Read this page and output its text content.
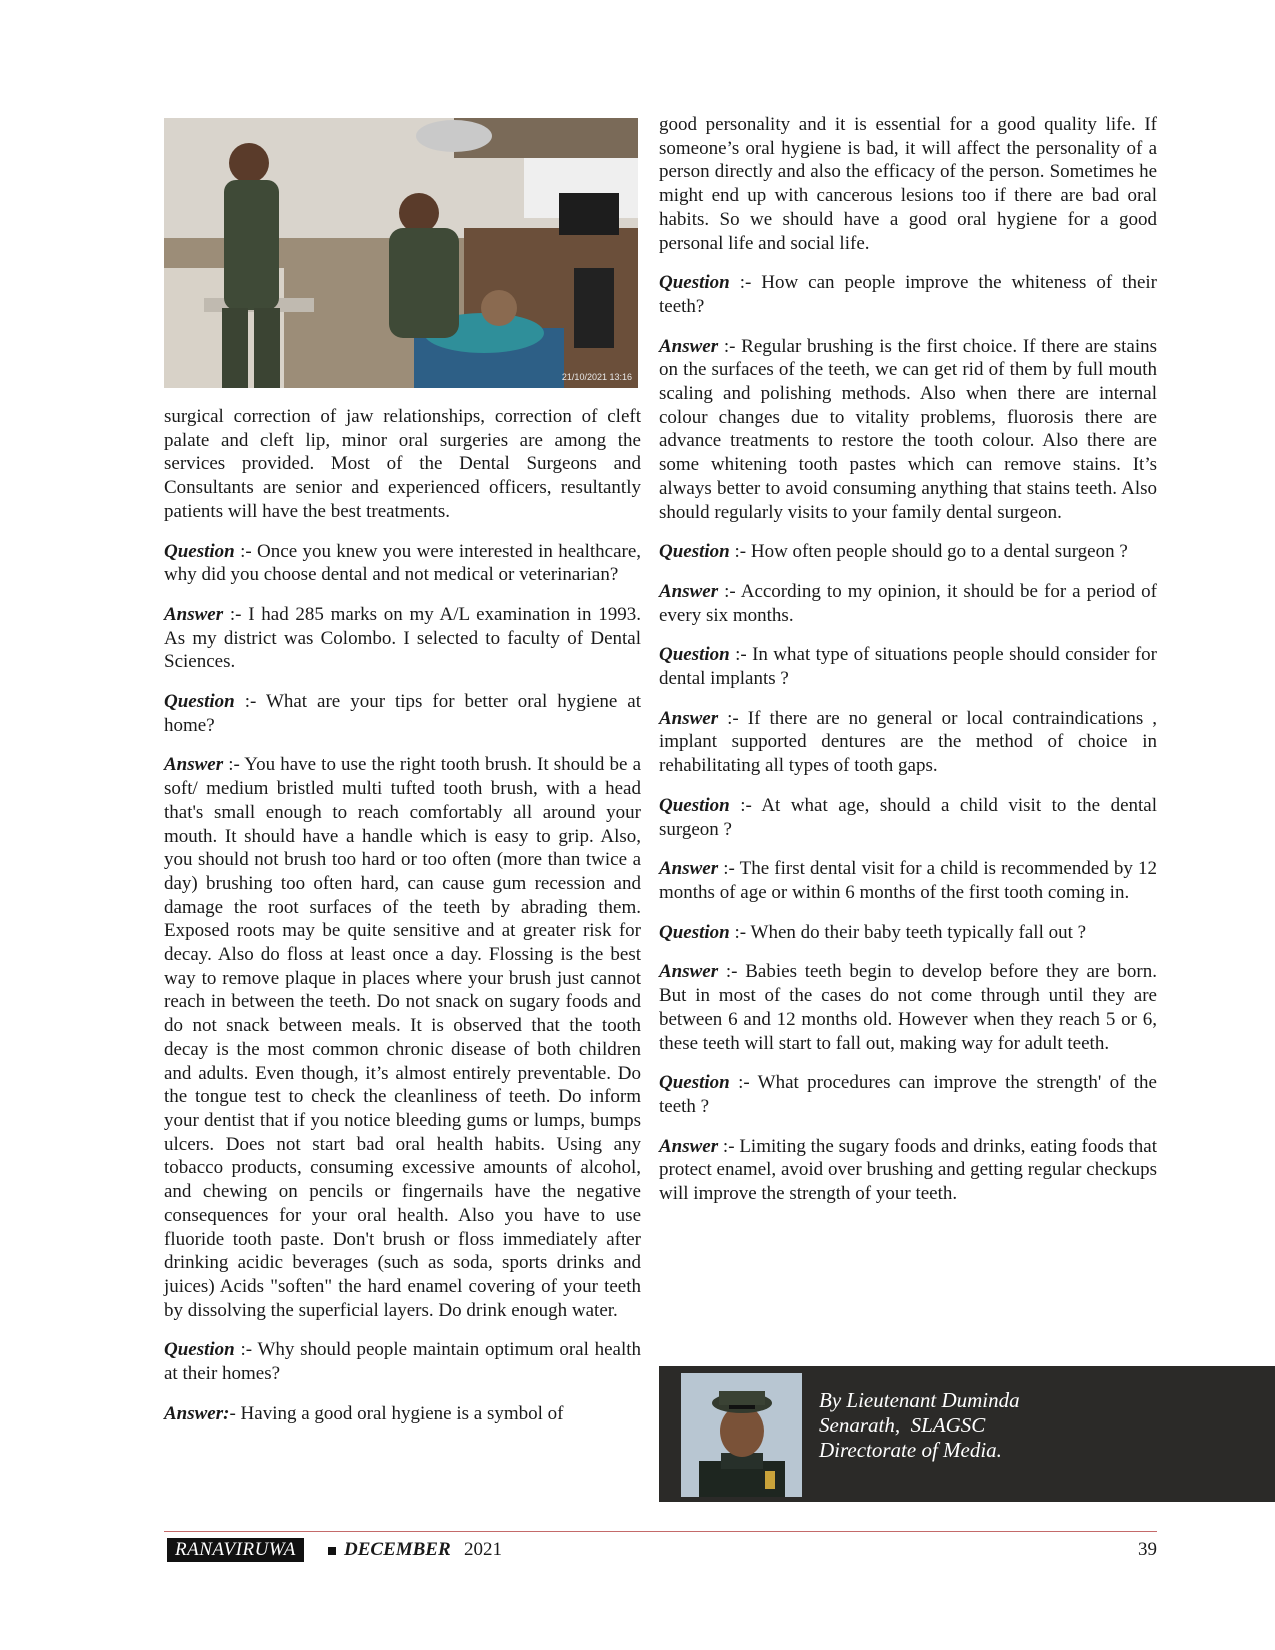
21/10/2021 13:16

surgical correction of jaw relationships, correction of cleft palate and cleft lip, minor oral surgeries are among the services provided. Most of the Dental Surgeons and Consultants are senior and experienced officers, resultantly patients will have the best treatments.

Question :- Once you knew you were interested in healthcare, why did you choose dental and not medical or veterinarian?

Answer :- I had 285 marks on my A/L examination in 1993. As my district was Colombo. I selected to faculty of Dental Sciences.

Question :- What are your tips for better oral hygiene at home?

Answer :- You have to use the right tooth brush. It should be a soft/ medium bristled multi tufted tooth brush, with a head that's small enough to reach comfortably all around your mouth. It should have a handle which is easy to grip. Also, you should not brush too hard or too often (more than twice a day) brushing too often hard, can cause gum recession and damage the root surfaces of the teeth by abrading them. Exposed roots may be quite sensitive and at greater risk for decay. Also do floss at least once a day. Flossing is the best way to remove plaque in places where your brush just cannot reach in between the teeth. Do not snack on sugary foods and do not snack between meals. It is observed that the tooth decay is the most common chronic disease of both children and adults. Even though, it’s almost entirely preventable. Do the tongue test to check the cleanliness of teeth. Do inform your dentist that if you notice bleeding gums or lumps, bumps ulcers. Does not start bad oral health habits. Using any tobacco products, consuming excessive amounts of alcohol, and chewing on pencils or fingernails have the negative consequences for your oral health. Also you have to use fluoride tooth paste. Don't brush or floss immediately after drinking acidic beverages (such as soda, sports drinks and juices) Acids "soften" the hard enamel covering of your teeth by dissolving the superficial layers. Do drink enough water.

Question :- Why should people maintain optimum oral health at their homes?

Answer:- Having a good oral hygiene is a symbol of

good personality and it is essential for a good quality life. If someone’s oral hygiene is bad, it will affect the personality of a person directly and also the efficacy of the person. Sometimes he might end up with cancerous lesions too if there are bad oral habits. So we should have a good oral hygiene for a good personal life and social life.

Question :- How can people improve the whiteness of their teeth?

Answer :- Regular brushing is the first choice. If there are stains on the surfaces of the teeth, we can get rid of them by full mouth scaling and polishing methods. Also when there are internal colour changes due to vitality problems, fluorosis there are advance treatments to restore the tooth colour. Also there are some whitening tooth pastes which can remove stains. It’s always better to avoid consuming anything that stains teeth. Also should regularly visits to your family dental surgeon.

Question :- How often people should go to a dental surgeon ?

Answer :- According to my opinion, it should be for a period of every six months.

Question :- In what type of situations people should consider for dental implants ?

Answer :- If there are no general or local contraindications , implant supported dentures are the method of choice in rehabilitating all types of tooth gaps.

Question :- At what age, should a child visit to the dental surgeon ?

Answer :- The first dental visit for a child is recommended by 12 months of age or within 6 months of the first tooth coming in.

Question :- When do their baby teeth typically fall out ?

Answer :- Babies teeth begin to develop before they are born. But in most of the cases do not come through until they are between 6 and 12 months old. However when they reach 5 or 6, these teeth will start to fall out, making way for adult teeth.

Question :- What procedures can improve the strength' of the teeth ?

Answer :- Limiting the sugary foods and drinks, eating foods that protect enamel, avoid over brushing and getting regular checkups will improve the strength of your teeth.

By Lieutenant Duminda
Senarath,  SLAGSC
Directorate of Media.
RANAVIRUWA	DECEMBER 2021	39
